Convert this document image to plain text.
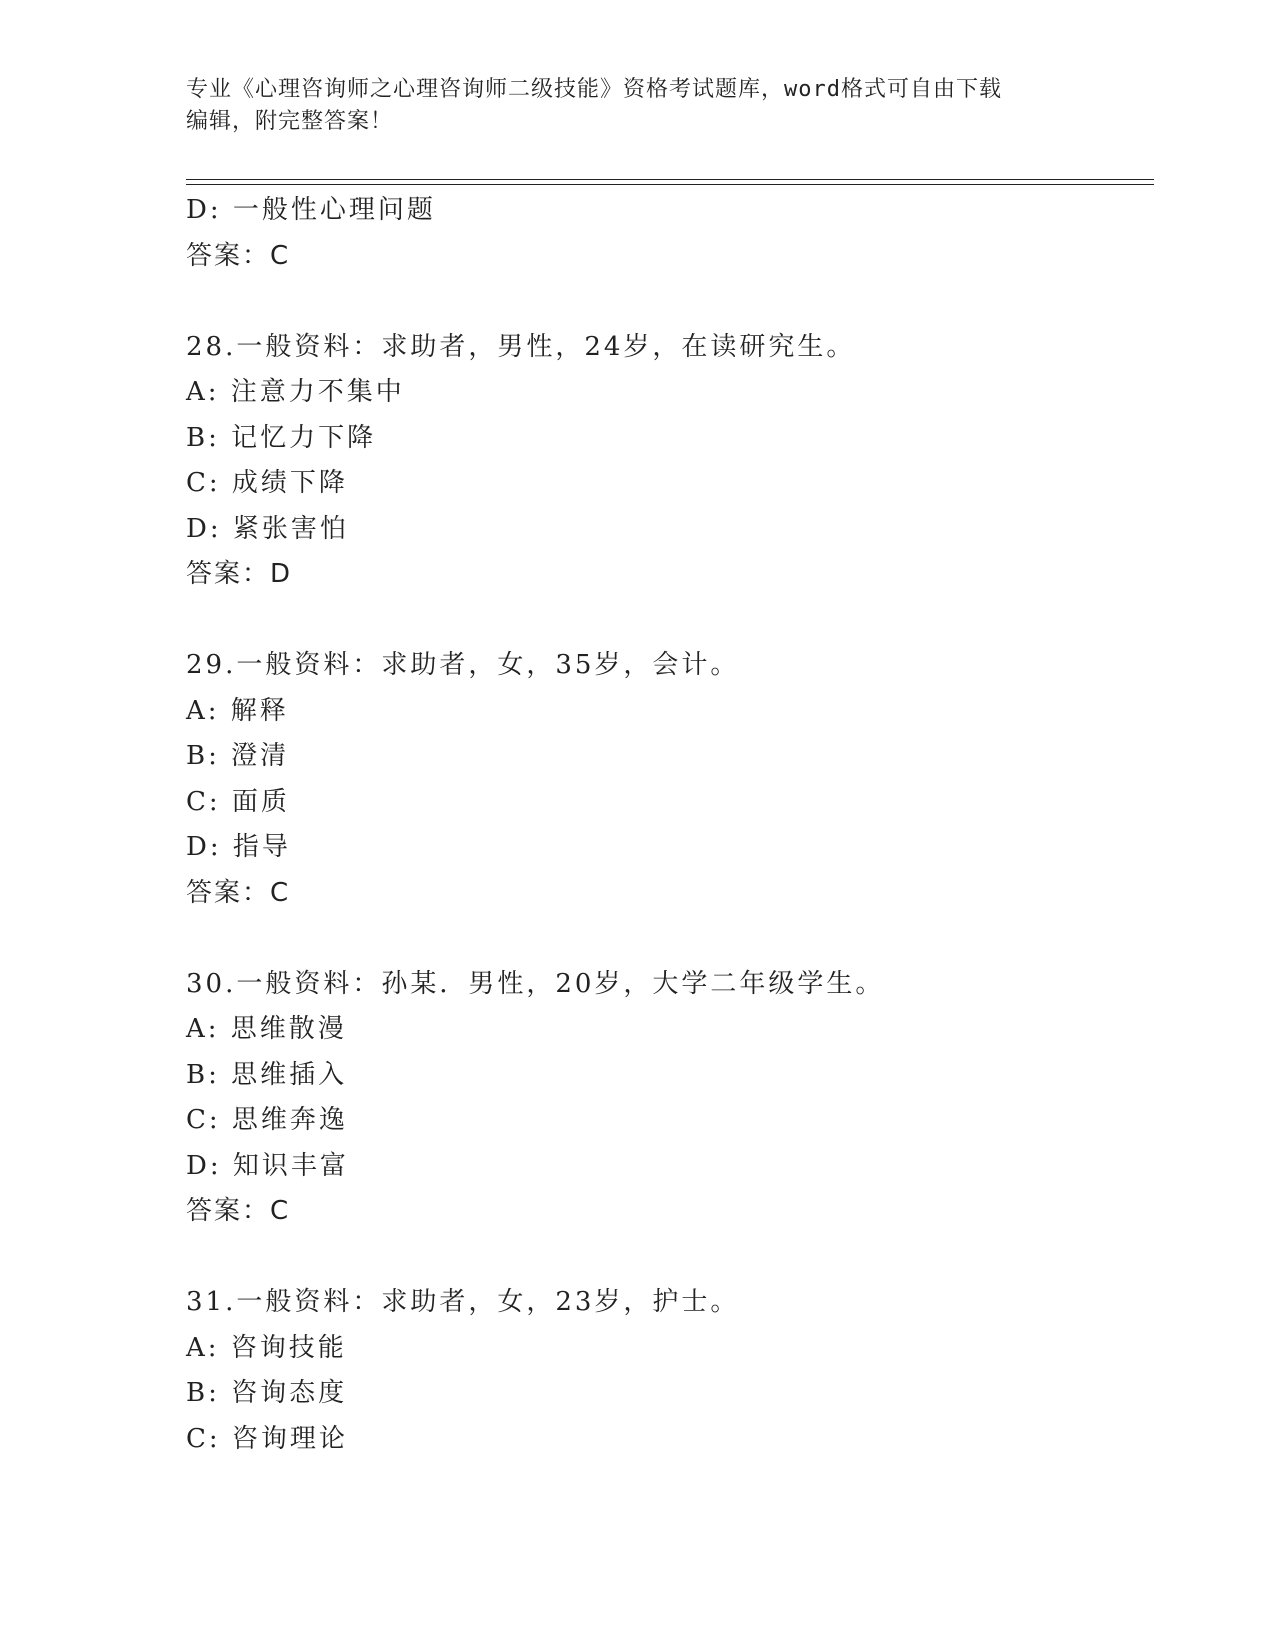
专业《心理咨询师之心理咨询师二级技能》资格考试题库，word格式可自由下载
编辑，附完整答案！
D: 一般性心理问题
答案：C
28.一般资料：求助者，男性，24岁，在读研究生。
A: 注意力不集中
B: 记忆力下降
C: 成绩下降
D: 紧张害怕
答案：D
29.一般资料：求助者，女，35岁，会计。
A: 解释
B: 澄清
C: 面质
D: 指导
答案：C
30.一般资料：孙某．男性，20岁，大学二年级学生。
A: 思维散漫
B: 思维插入
C: 思维奔逸
D: 知识丰富
答案：C
31.一般资料：求助者，女，23岁，护士。
A: 咨询技能
B: 咨询态度
C: 咨询理论
